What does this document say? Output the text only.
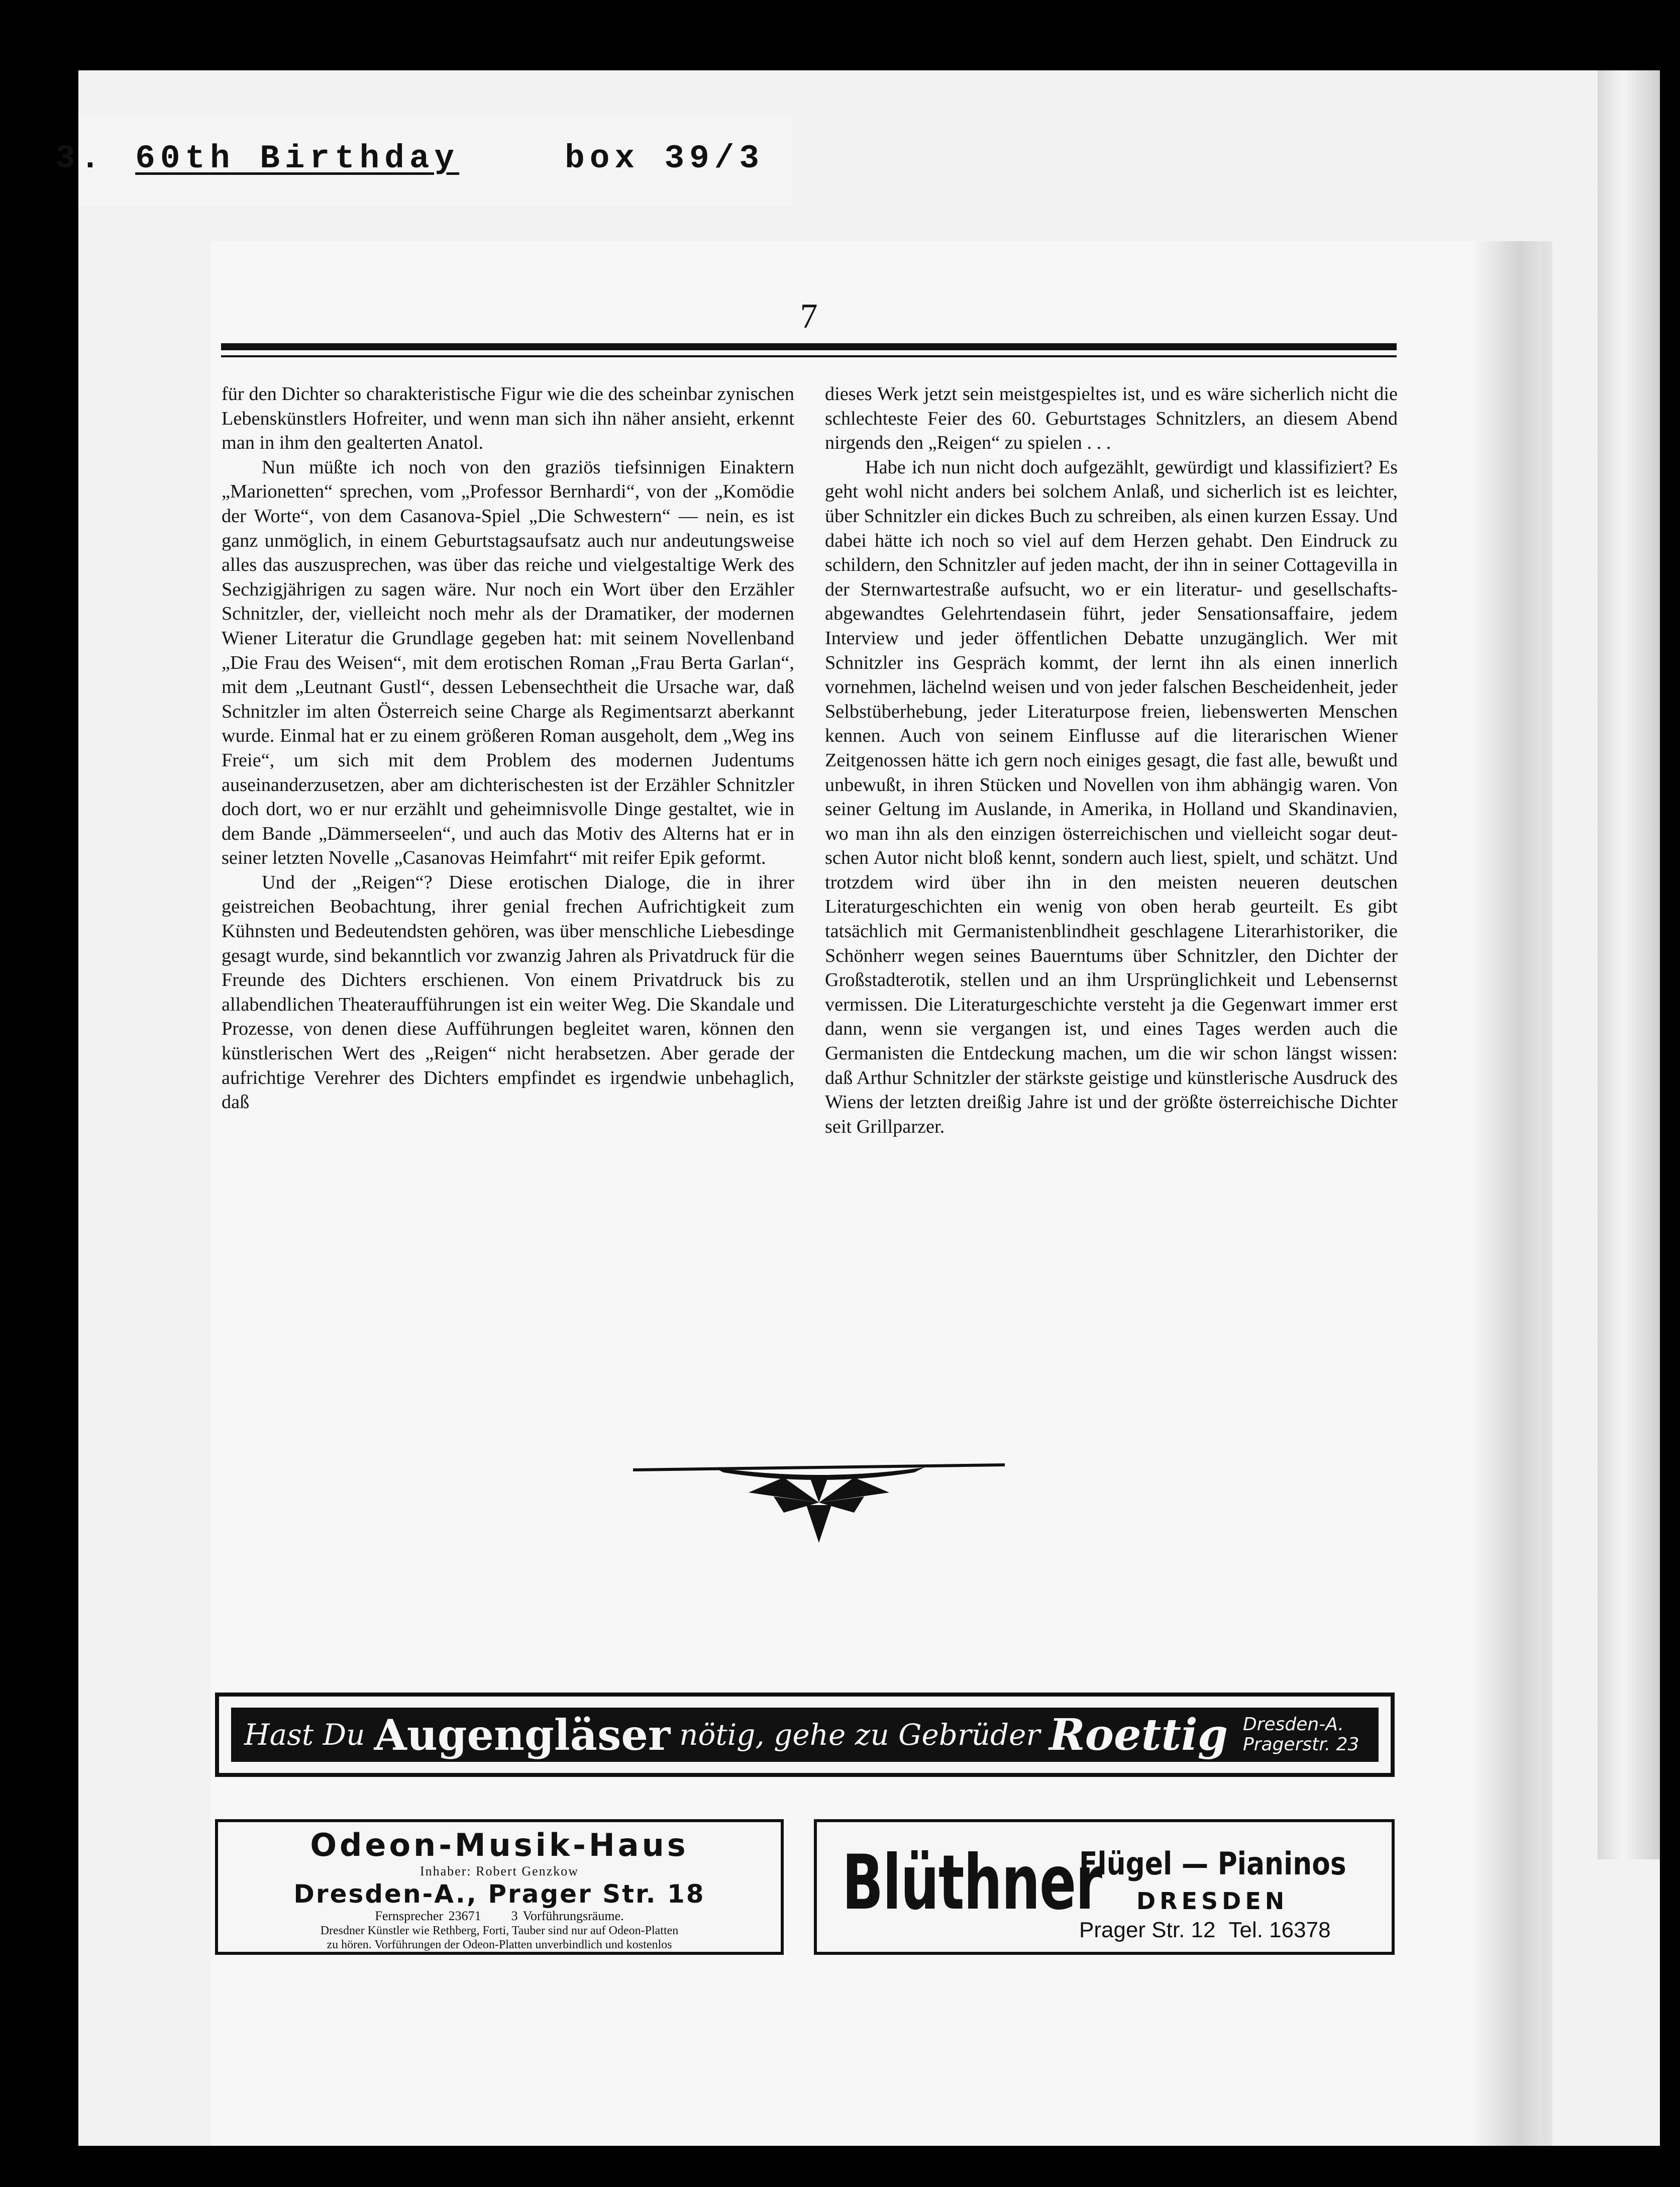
3. 60th Birthday	box 39/3
7

für den Dichter so charakteristische Figur wie die des scheinbar zynischen Lebenskünstlers Hofreiter, und wenn man sich ihn näher ansieht, erkennt man in ihm den gealterten Anatol.

Nun müßte ich noch von den graziös tiefsinnigen Einaktern „Marionetten“ sprechen, vom „Professor Bernhardi“, von der „Komödie der Worte“, von dem Casanova-Spiel „Die Schwestern“ — nein, es ist ganz unmöglich, in einem Geburtstagsaufsatz auch nur andeutungsweise alles das auszusprechen, was über das reiche und vielgestaltige Werk des Sechzigjährigen zu sagen wäre. Nur noch ein Wort über den Erzähler Schnitzler, der, vielleicht noch mehr als der Dramatiker, der modernen Wiener Literatur die Grundlage gegeben hat: mit seinem Novellenband „Die Frau des Weisen“, mit dem erotischen Roman „Frau Berta Garlan“, mit dem „Leutnant Gustl“, dessen Lebensechtheit die Ursache war, daß Schnitzler im alten Österreich seine Charge als Regimentsarzt aberkannt wurde. Einmal hat er zu einem größeren Roman ausgeholt, dem „Weg ins Freie“, um sich mit dem Problem des modernen Judentums auseinanderzusetzen, aber am dichterischesten ist der Erzähler Schnitzler doch dort, wo er nur erzählt und geheimnisvolle Dinge gestaltet, wie in dem Bande „Dämmerseelen“, und auch das Motiv des Alterns hat er in seiner letzten Novelle „Casanovas Heimfahrt“ mit reifer Epik geformt.

Und der „Reigen“? Diese erotischen Dialoge, die in ihrer geistreichen Beobachtung, ihrer genial frechen Aufrichtigkeit zum Kühnsten und Bedeutendsten gehören, was über menschliche Liebesdinge gesagt wurde, sind bekanntlich vor zwanzig Jahren als Privatdruck für die Freunde des Dichters erschienen. Von einem Privatdruck bis zu allabendlichen Theateraufführungen ist ein weiter Weg. Die Skandale und Prozesse, von denen diese Aufführungen begleitet waren, können den künstlerischen Wert des „Reigen“ nicht herabsetzen. Aber gerade der aufrichtige Verehrer des Dichters empfindet es irgendwie unbehaglich, daß

dieses Werk jetzt sein meistgespieltes ist, und es wäre sicherlich nicht die schlechteste Feier des 60. Geburtstages Schnitzlers, an diesem Abend nirgends den „Reigen“ zu spielen . . .

Habe ich nun nicht doch aufgezählt, gewürdigt und klassifiziert? Es geht wohl nicht anders bei solchem Anlaß, und sicherlich ist es leichter, über Schnitzler ein dickes Buch zu schreiben, als einen kurzen Essay. Und dabei hätte ich noch so viel auf dem Herzen gehabt. Den Eindruck zu schildern, den Schnitzler auf jeden macht, der ihn in seiner Cottagevilla in der Sternwartestraße aufsucht, wo er ein literatur- und gesellschaftsabgewandtes Gelehrtendasein führt, jeder Sensationsaffaire, jedem Interview und jeder öffentlichen Debatte unzugänglich. Wer mit Schnitzler ins Gespräch kommt, der lernt ihn als einen innerlich vornehmen, lächelnd weisen und von jeder falschen Bescheidenheit, jeder Selbstüberhebung, jeder Literaturpose freien, liebenswerten Menschen kennen. Auch von seinem Einflusse auf die literarischen Wiener Zeitgenossen hätte ich gern noch einiges gesagt, die fast alle, bewußt und unbewußt, in ihren Stücken und Novellen von ihm abhängig waren. Von seiner Geltung im Auslande, in Amerika, in Holland und Skandinavien, wo man ihn als den einzigen österreichischen und vielleicht sogar deutschen Autor nicht bloß kennt, sondern auch liest, spielt, und schätzt. Und trotzdem wird über ihn in den meisten neueren deutschen Literaturgeschichten ein wenig von oben herab geurteilt. Es gibt tatsächlich mit Germanistenblindheit geschlagene Literarhistoriker, die Schönherr wegen seines Bauerntums über Schnitzler, den Dichter der Großstadterotik, stellen und an ihm Ursprünglichkeit und Lebensernst vermissen. Die Literaturgeschichte versteht ja die Gegenwart immer erst dann, wenn sie vergangen ist, und eines Tages werden auch die Germanisten die Entdeckung machen, um die wir schon längst wissen: daß Arthur Schnitzler der stärkste geistige und künstlerische Ausdruck des Wiens der letzten dreißig Jahre ist und der größte österreichische Dichter seit Grillparzer.

Hast Du Augengläser nötig, gehe zu Gebrüder Roettig Dresden-A.
Pragerstr. 23
Odeon-Musik-Haus
Inhaber: Robert Genzkow
Dresden-A., Prager Str. 18
Fernsprecher 23671 3 Vorführungsräume.
Dresdner Künstler wie Rethberg, Forti, Tauber sind nur auf Odeon-Platten
zu hören. Vorführungen der Odeon-Platten unverbindlich und kostenlos
Blüthner
Flügel — Pianinos
DRESDEN
Prager Str. 12 Tel. 16378
